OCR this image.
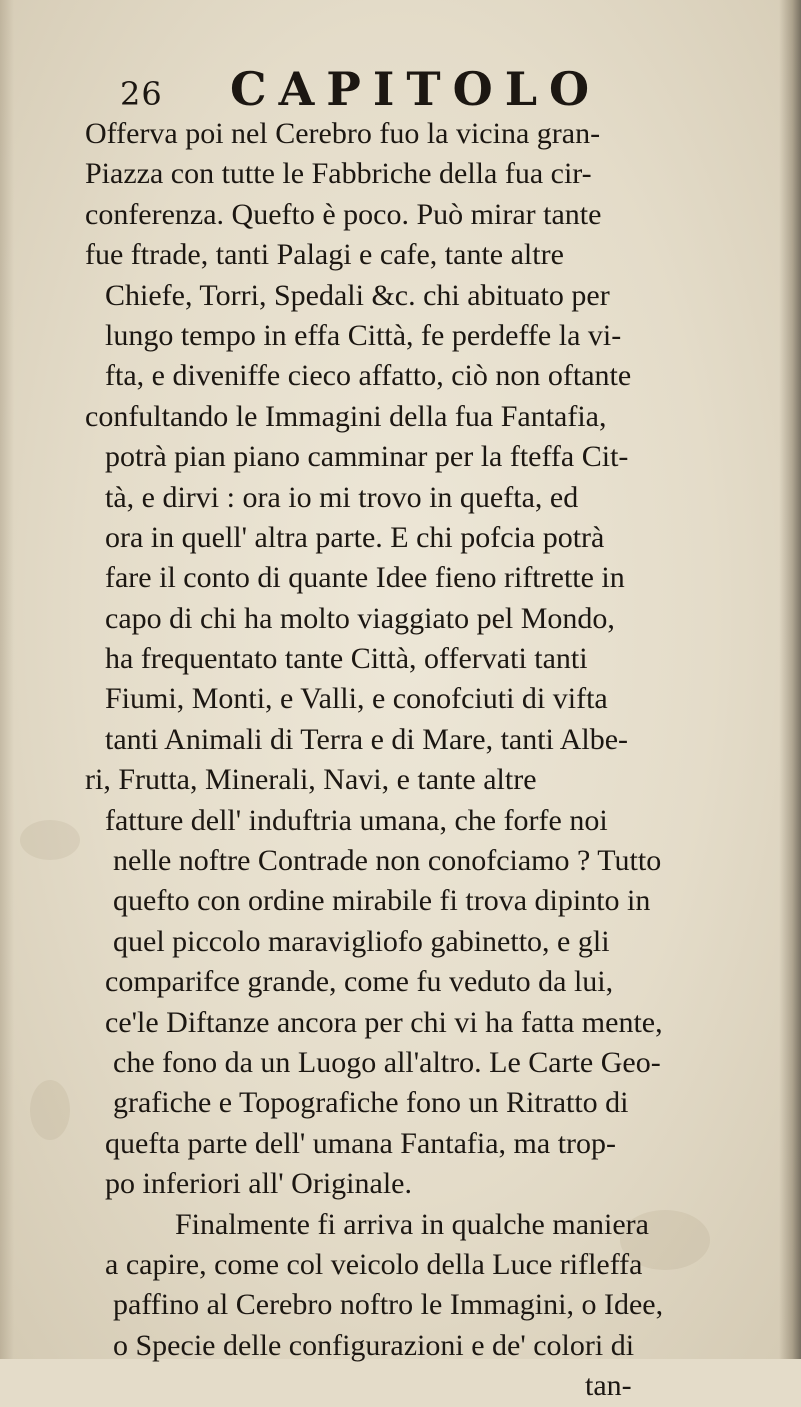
26	CAPITOLO
Offerva poi nel Cerebro fuo la vicina gran-
Piazza con tutte le Fabbriche della fua cir-
conferenza. Quefto è poco. Può mirar tante
fue ftrade, tanti Palagi e cafe, tante altre
Chiefe, Torri, Spedali &c. chi abituato per
lungo tempo in effa Città, fe perdeffe la vi-
fta, e diveniffe cieco affatto, ciò non oftante
confultando le Immagini della fua Fantafia,
potrà pian piano camminar per la fteffa Cit-
tà, e dirvi : ora io mi trovo in quefta, ed
ora in quell' altra parte. E chi pofcia potrà
fare il conto di quante Idee fieno riftrette in
capo di chi ha molto viaggiato pel Mondo,
ha frequentato tante Città, offervati tanti
Fiumi, Monti, e Valli, e conofciuti di vifta
tanti Animali di Terra e di Mare, tanti Albe-
ri, Frutta, Minerali, Navi, e tante altre
fatture dell' induftria umana, che forfe noi
nelle noftre Contrade non conofciamo ? Tutto
quefto con ordine mirabile fi trova dipinto in
quel piccolo maravigliofo gabinetto, e gli
comparifce grande, come fu veduto da lui,
ce'le Diftanze ancora per chi vi ha fatta mente,
che fono da un Luogo all'altro. Le Carte Geo-
grafiche e Topografiche fono un Ritratto di
quefta parte dell' umana Fantafia, ma trop-
po inferiori all' Originale.
Finalmente fi arriva in qualche maniera
a capire, come col veicolo della Luce rifleffa
paffino al Cerebro noftro le Immagini, o Idee,
o Specie delle configurazioni e de' colori di
tan-
